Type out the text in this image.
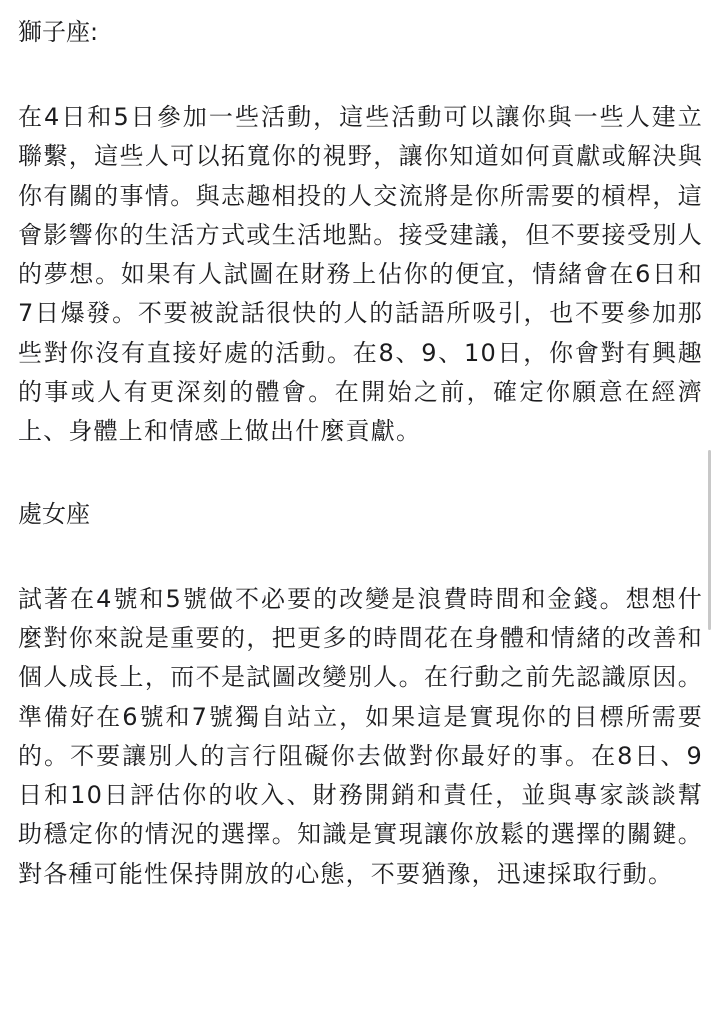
獅子座:

在4日和5日參加一些活動，這些活動可以讓你與一些人建立聯繫，這些人可以拓寬你的視野，讓你知道如何貢獻或解決與你有關的事情。與志趣相投的人交流將是你所需要的槓桿，這會影響你的生活方式或生活地點。接受建議，但不要接受別人的夢想。如果有人試圖在財務上佔你的便宜，情緒會在6日和7日爆發。不要被說話很快的人的話語所吸引，也不要參加那些對你沒有直接好處的活動。在8、9、10日，你會對有興趣的事或人有更深刻的體會。在開始之前，確定你願意在經濟上、身體上和情感上做出什麼貢獻。

處女座

試著在4號和5號做不必要的改變是浪費時間和金錢。想想什麼對你來說是重要的，把更多的時間花在身體和情緒的改善和個人成長上，而不是試圖改變別人。在行動之前先認識原因。準備好在6號和7號獨自站立，如果這是實現你的目標所需要的。不要讓別人的言行阻礙你去做對你最好的事。在8日、9日和10日評估你的收入、財務開銷和責任，並與專家談談幫助穩定你的情況的選擇。知識是實現讓你放鬆的選擇的關鍵。對各種可能性保持開放的心態，不要猶豫，迅速採取行動。
